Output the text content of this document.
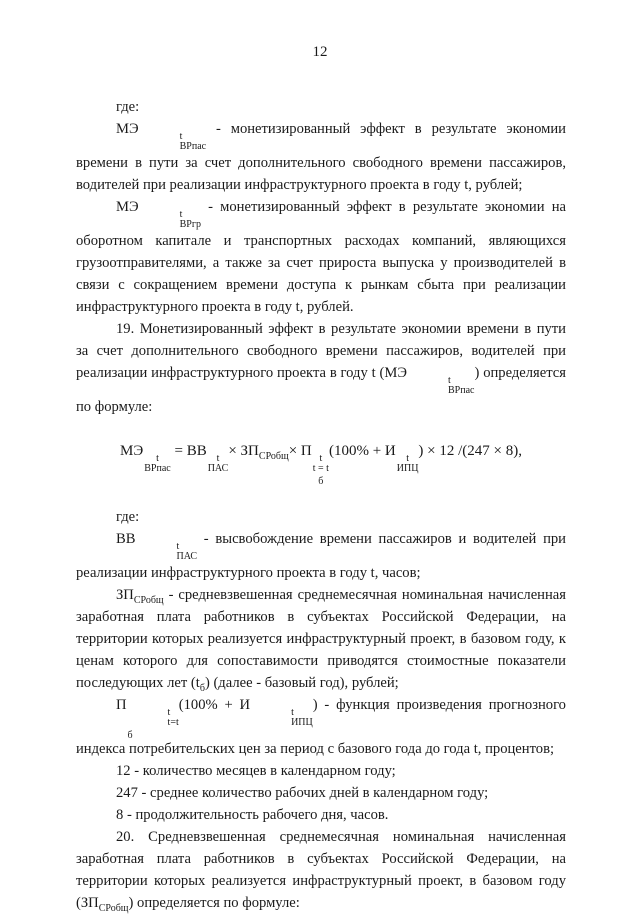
12

где:

МЭ	t
ВРпас
- монетизированный эффект в результате экономии времени в пути за счет дополнительного свободного времени пассажиров, водителей при реализации инфраструктурного проекта в году t, рублей;

МЭ	t
ВРгр
- монетизированный эффект в результате экономии на оборотном капитале и транспортных расходах компаний, являющихся грузоотправителями, а также за счет прироста выпуска у производителей в связи с сокращением времени доступа к рынкам сбыта при реализации инфраструктурного проекта в году t, рублей.

19. Монетизированный эффект в результате экономии времени в пути за счет дополнительного свободного времени пассажиров, водителей при реализации инфраструктурного проекта в году t (МЭ	t
ВРпас
) определяется по формуле:

МЭ	t
ВРпас
= ВВ t
ПАС
× $ЗП_{СРобщ}\times П$ t
t = t
$_б$
(100% + И	t
ИПЦ
) × 12 /(247 × 8),

где:

ВВ	t
ПАС
- высвобождение времени пассажиров и водителей при реализации инфраструктурного проекта в году t, часов;

$ЗП_{СРобщ}$ - средневзвешенная среднемесячная номинальная начисленная заработная плата работников в субъектах Российской Федерации, на территории которых реализуется инфраструктурный проект, в базовом году, к ценам которого для сопоставимости приводятся стоимостные показатели последующих лет $(t_б)$ (далее - базовый год), рублей;

П	t
t=t
$_б$
(100% + И	t
ИПЦ
) - функция произведения прогнозного индекса потребительских цен за период с базового года до года t, процентов;

12 - количество месяцев в календарном году;

247 - среднее количество рабочих дней в календарном году;

8 - продолжительность рабочего дня, часов.

20. Средневзвешенная среднемесячная номинальная начисленная заработная плата работников в субъектах Российской Федерации, на территории которых реализуется инфраструктурный проект, в базовом году $(ЗП_{СРобщ})$ определяется по формуле:
